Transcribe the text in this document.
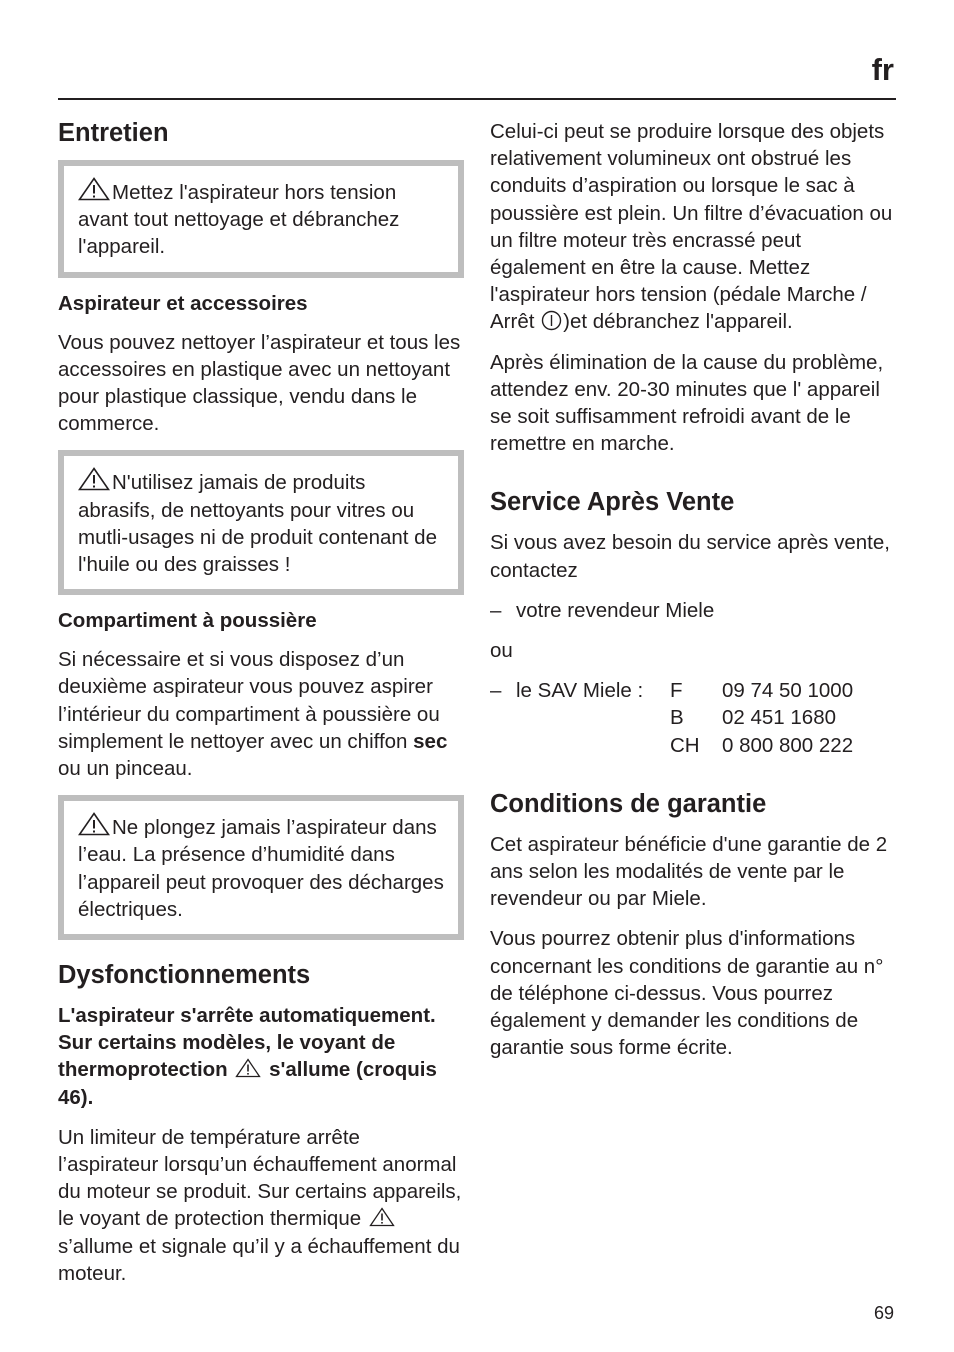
fr
Entretien
Mettez l'aspirateur hors tension avant tout nettoyage et débranchez l'appareil.
Aspirateur et accessoires

Vous pouvez nettoyer l’aspirateur et tous les accessoires en plastique avec un nettoyant pour plastique classique, vendu dans le commerce.

N'utilisez jamais de produits abrasifs, de nettoyants pour vitres ou mutli-usages ni de produit contenant de l'huile ou des graisses !
Compartiment à poussière

Si nécessaire et si vous disposez d’un deuxième aspirateur vous pouvez aspirer l’intérieur du compartiment à poussière ou simplement le nettoyer avec un chiffon sec ou un pinceau.

Ne plongez jamais l’aspirateur dans l’eau. La présence d’humidité dans l’appareil peut provoquer des décharges électriques.
Dysfonctionnements

L'aspirateur s'arrête automatiquement. Sur certains modèles, le voyant de thermoprotection s'allume (croquis 46).

Un limiteur de température arrête l’aspirateur lorsqu’un échauffement anormal du moteur se produit. Sur certains appareils, le voyant de protection thermique  s’allume et signale qu’il y a échauffement du moteur.

Celui-ci peut se produire lorsque des objets relativement volumineux ont obstrué les conduits d’aspiration ou lorsque le sac à poussière est plein. Un filtre d’évacuation ou un filtre moteur très encrassé peut également en être la cause. Mettez l'aspirateur hors tension (pédale Marche / Arrêt )et débranchez l'appareil.

Après élimination de la cause du problème, attendez env. 20-30 minutes que l' appareil se soit suffisamment refroidi avant de le remettre en marche.

Service Après Vente

Si vous avez besoin du service après vente, contactez

– votre revendeur Miele

ou

– le SAV Miele :	F	09 74 50 1000
B	02 451 1680
CH	0 800 800 222
Conditions de garantie

Cet aspirateur bénéficie d'une garantie de 2 ans selon les modalités de vente par le revendeur ou par Miele.

Vous pourrez obtenir plus d'informations concernant les conditions de garantie au n° de téléphone ci-dessus. Vous pourrez également y demander les conditions de garantie sous forme écrite.

69
